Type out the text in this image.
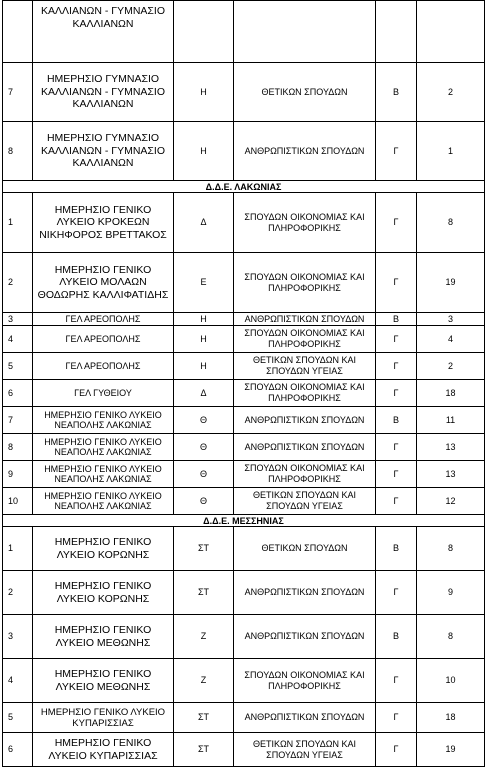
	ΚΑΛΛΙΑΝΩΝ - ΓΥΜΝΑΣΙΟ ΚΑΛΛΙΑΝΩΝ				
7	ΗΜΕΡΗΣΙΟ ΓΥΜΝΑΣΙΟ ΚΑΛΛΙΑΝΩΝ - ΓΥΜΝΑΣΙΟ ΚΑΛΛΙΑΝΩΝ	Η	ΘΕΤΙΚΩΝ ΣΠΟΥΔΩΝ	Β	2
8	ΗΜΕΡΗΣΙΟ ΓΥΜΝΑΣΙΟ ΚΑΛΛΙΑΝΩΝ - ΓΥΜΝΑΣΙΟ ΚΑΛΛΙΑΝΩΝ	Η	ΑΝΘΡΩΠΙΣΤΙΚΩΝ ΣΠΟΥΔΩΝ	Γ	1
Δ.Δ.Ε. ΛΑΚΩΝΙΑΣ					
1	ΗΜΕΡΗΣΙΟ ΓΕΝΙΚΟ ΛΥΚΕΙΟ ΚΡΟΚΕΩΝ ΝΙΚΗΦΟΡΟΣ ΒΡΕΤΤΑΚΟΣ	Δ	ΣΠΟΥΔΩΝ ΟΙΚΟΝΟΜΙΑΣ ΚΑΙ ΠΛΗΡΟΦΟΡΙΚΗΣ	Γ	8
2	ΗΜΕΡΗΣΙΟ ΓΕΝΙΚΟ ΛΥΚΕΙΟ ΜΟΛΑΩΝ ΘΟΔΩΡΗΣ ΚΑΛΛΙΦΑΤΙΔΗΣ	Ε	ΣΠΟΥΔΩΝ ΟΙΚΟΝΟΜΙΑΣ ΚΑΙ ΠΛΗΡΟΦΟΡΙΚΗΣ	Γ	19
3	ΓΕΛ ΑΡΕΟΠΟΛΗΣ	Η	ΑΝΘΡΩΠΙΣΤΙΚΩΝ ΣΠΟΥΔΩΝ	Β	3
4	ΓΕΛ ΑΡΕΟΠΟΛΗΣ	Η	ΣΠΟΥΔΩΝ ΟΙΚΟΝΟΜΙΑΣ ΚΑΙ ΠΛΗΡΟΦΟΡΙΚΗΣ	Γ	4
5	ΓΕΛ ΑΡΕΟΠΟΛΗΣ	Η	ΘΕΤΙΚΩΝ ΣΠΟΥΔΩΝ ΚΑΙ ΣΠΟΥΔΩΝ ΥΓΕΙΑΣ	Γ	2
6	ΓΕΛ ΓΥΘΕΙΟΥ	Δ	ΣΠΟΥΔΩΝ ΟΙΚΟΝΟΜΙΑΣ ΚΑΙ ΠΛΗΡΟΦΟΡΙΚΗΣ	Γ	18
7	ΗΜΕΡΗΣΙΟ ΓΕΝΙΚΟ ΛΥΚΕΙΟ ΝΕΑΠΟΛΗΣ ΛΑΚΩΝΙΑΣ	Θ	ΑΝΘΡΩΠΙΣΤΙΚΩΝ ΣΠΟΥΔΩΝ	Β	11
8	ΗΜΕΡΗΣΙΟ ΓΕΝΙΚΟ ΛΥΚΕΙΟ ΝΕΑΠΟΛΗΣ ΛΑΚΩΝΙΑΣ	Θ	ΑΝΘΡΩΠΙΣΤΙΚΩΝ ΣΠΟΥΔΩΝ	Γ	13
9	ΗΜΕΡΗΣΙΟ ΓΕΝΙΚΟ ΛΥΚΕΙΟ ΝΕΑΠΟΛΗΣ ΛΑΚΩΝΙΑΣ	Θ	ΣΠΟΥΔΩΝ ΟΙΚΟΝΟΜΙΑΣ ΚΑΙ ΠΛΗΡΟΦΟΡΙΚΗΣ	Γ	13
10	ΗΜΕΡΗΣΙΟ ΓΕΝΙΚΟ ΛΥΚΕΙΟ ΝΕΑΠΟΛΗΣ ΛΑΚΩΝΙΑΣ	Θ	ΘΕΤΙΚΩΝ ΣΠΟΥΔΩΝ ΚΑΙ ΣΠΟΥΔΩΝ ΥΓΕΙΑΣ	Γ	12
Δ.Δ.Ε. ΜΕΣΣΗΝΙΑΣ					
1	ΗΜΕΡΗΣΙΟ ΓΕΝΙΚΟ ΛΥΚΕΙΟ ΚΟΡΩΝΗΣ	ΣΤ	ΘΕΤΙΚΩΝ ΣΠΟΥΔΩΝ	Β	8
2	ΗΜΕΡΗΣΙΟ ΓΕΝΙΚΟ ΛΥΚΕΙΟ ΚΟΡΩΝΗΣ	ΣΤ	ΑΝΘΡΩΠΙΣΤΙΚΩΝ ΣΠΟΥΔΩΝ	Γ	9
3	ΗΜΕΡΗΣΙΟ ΓΕΝΙΚΟ ΛΥΚΕΙΟ ΜΕΘΩΝΗΣ	Ζ	ΑΝΘΡΩΠΙΣΤΙΚΩΝ ΣΠΟΥΔΩΝ	Β	8
4	ΗΜΕΡΗΣΙΟ ΓΕΝΙΚΟ ΛΥΚΕΙΟ ΜΕΘΩΝΗΣ	Ζ	ΣΠΟΥΔΩΝ ΟΙΚΟΝΟΜΙΑΣ ΚΑΙ ΠΛΗΡΟΦΟΡΙΚΗΣ	Γ	10
5	ΗΜΕΡΗΣΙΟ ΓΕΝΙΚΟ ΛΥΚΕΙΟ ΚΥΠΑΡΙΣΣΙΑΣ	ΣΤ	ΑΝΘΡΩΠΙΣΤΙΚΩΝ ΣΠΟΥΔΩΝ	Γ	18
6	ΗΜΕΡΗΣΙΟ ΓΕΝΙΚΟ ΛΥΚΕΙΟ ΚΥΠΑΡΙΣΣΙΑΣ	ΣΤ	ΘΕΤΙΚΩΝ ΣΠΟΥΔΩΝ ΚΑΙ ΣΠΟΥΔΩΝ ΥΓΕΙΑΣ	Γ	19
